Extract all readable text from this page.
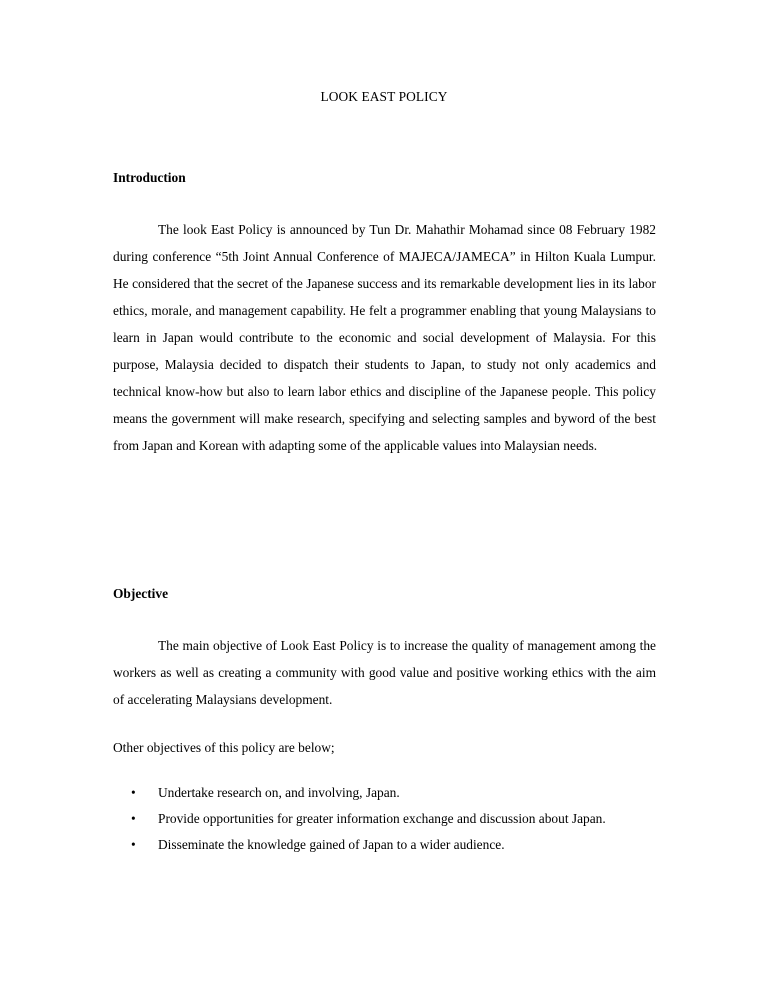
LOOK EAST POLICY
Introduction

The look East Policy is announced by Tun Dr. Mahathir Mohamad since 08 February 1982 during conference “5th Joint Annual Conference of MAJECA/JAMECA” in Hilton Kuala Lumpur. He considered that the secret of the Japanese success and its remarkable development lies in its labor ethics, morale, and management capability. He felt a programmer enabling that young Malaysians to learn in Japan would contribute to the economic and social development of Malaysia. For this purpose, Malaysia decided to dispatch their students to Japan, to study not only academics and technical know-how but also to learn labor ethics and discipline of the Japanese people. This policy means the government will make research, specifying and selecting samples and byword of the best from Japan and Korean with adapting some of the applicable values into Malaysian needs.

Objective

The main objective of Look East Policy is to increase the quality of management among the workers as well as creating a community with good value and positive working ethics with the aim of accelerating Malaysians development.

Other objectives of this policy are below;

• Undertake research on, and involving, Japan.
• Provide opportunities for greater information exchange and discussion about Japan.
• Disseminate the knowledge gained of Japan to a wider audience.
